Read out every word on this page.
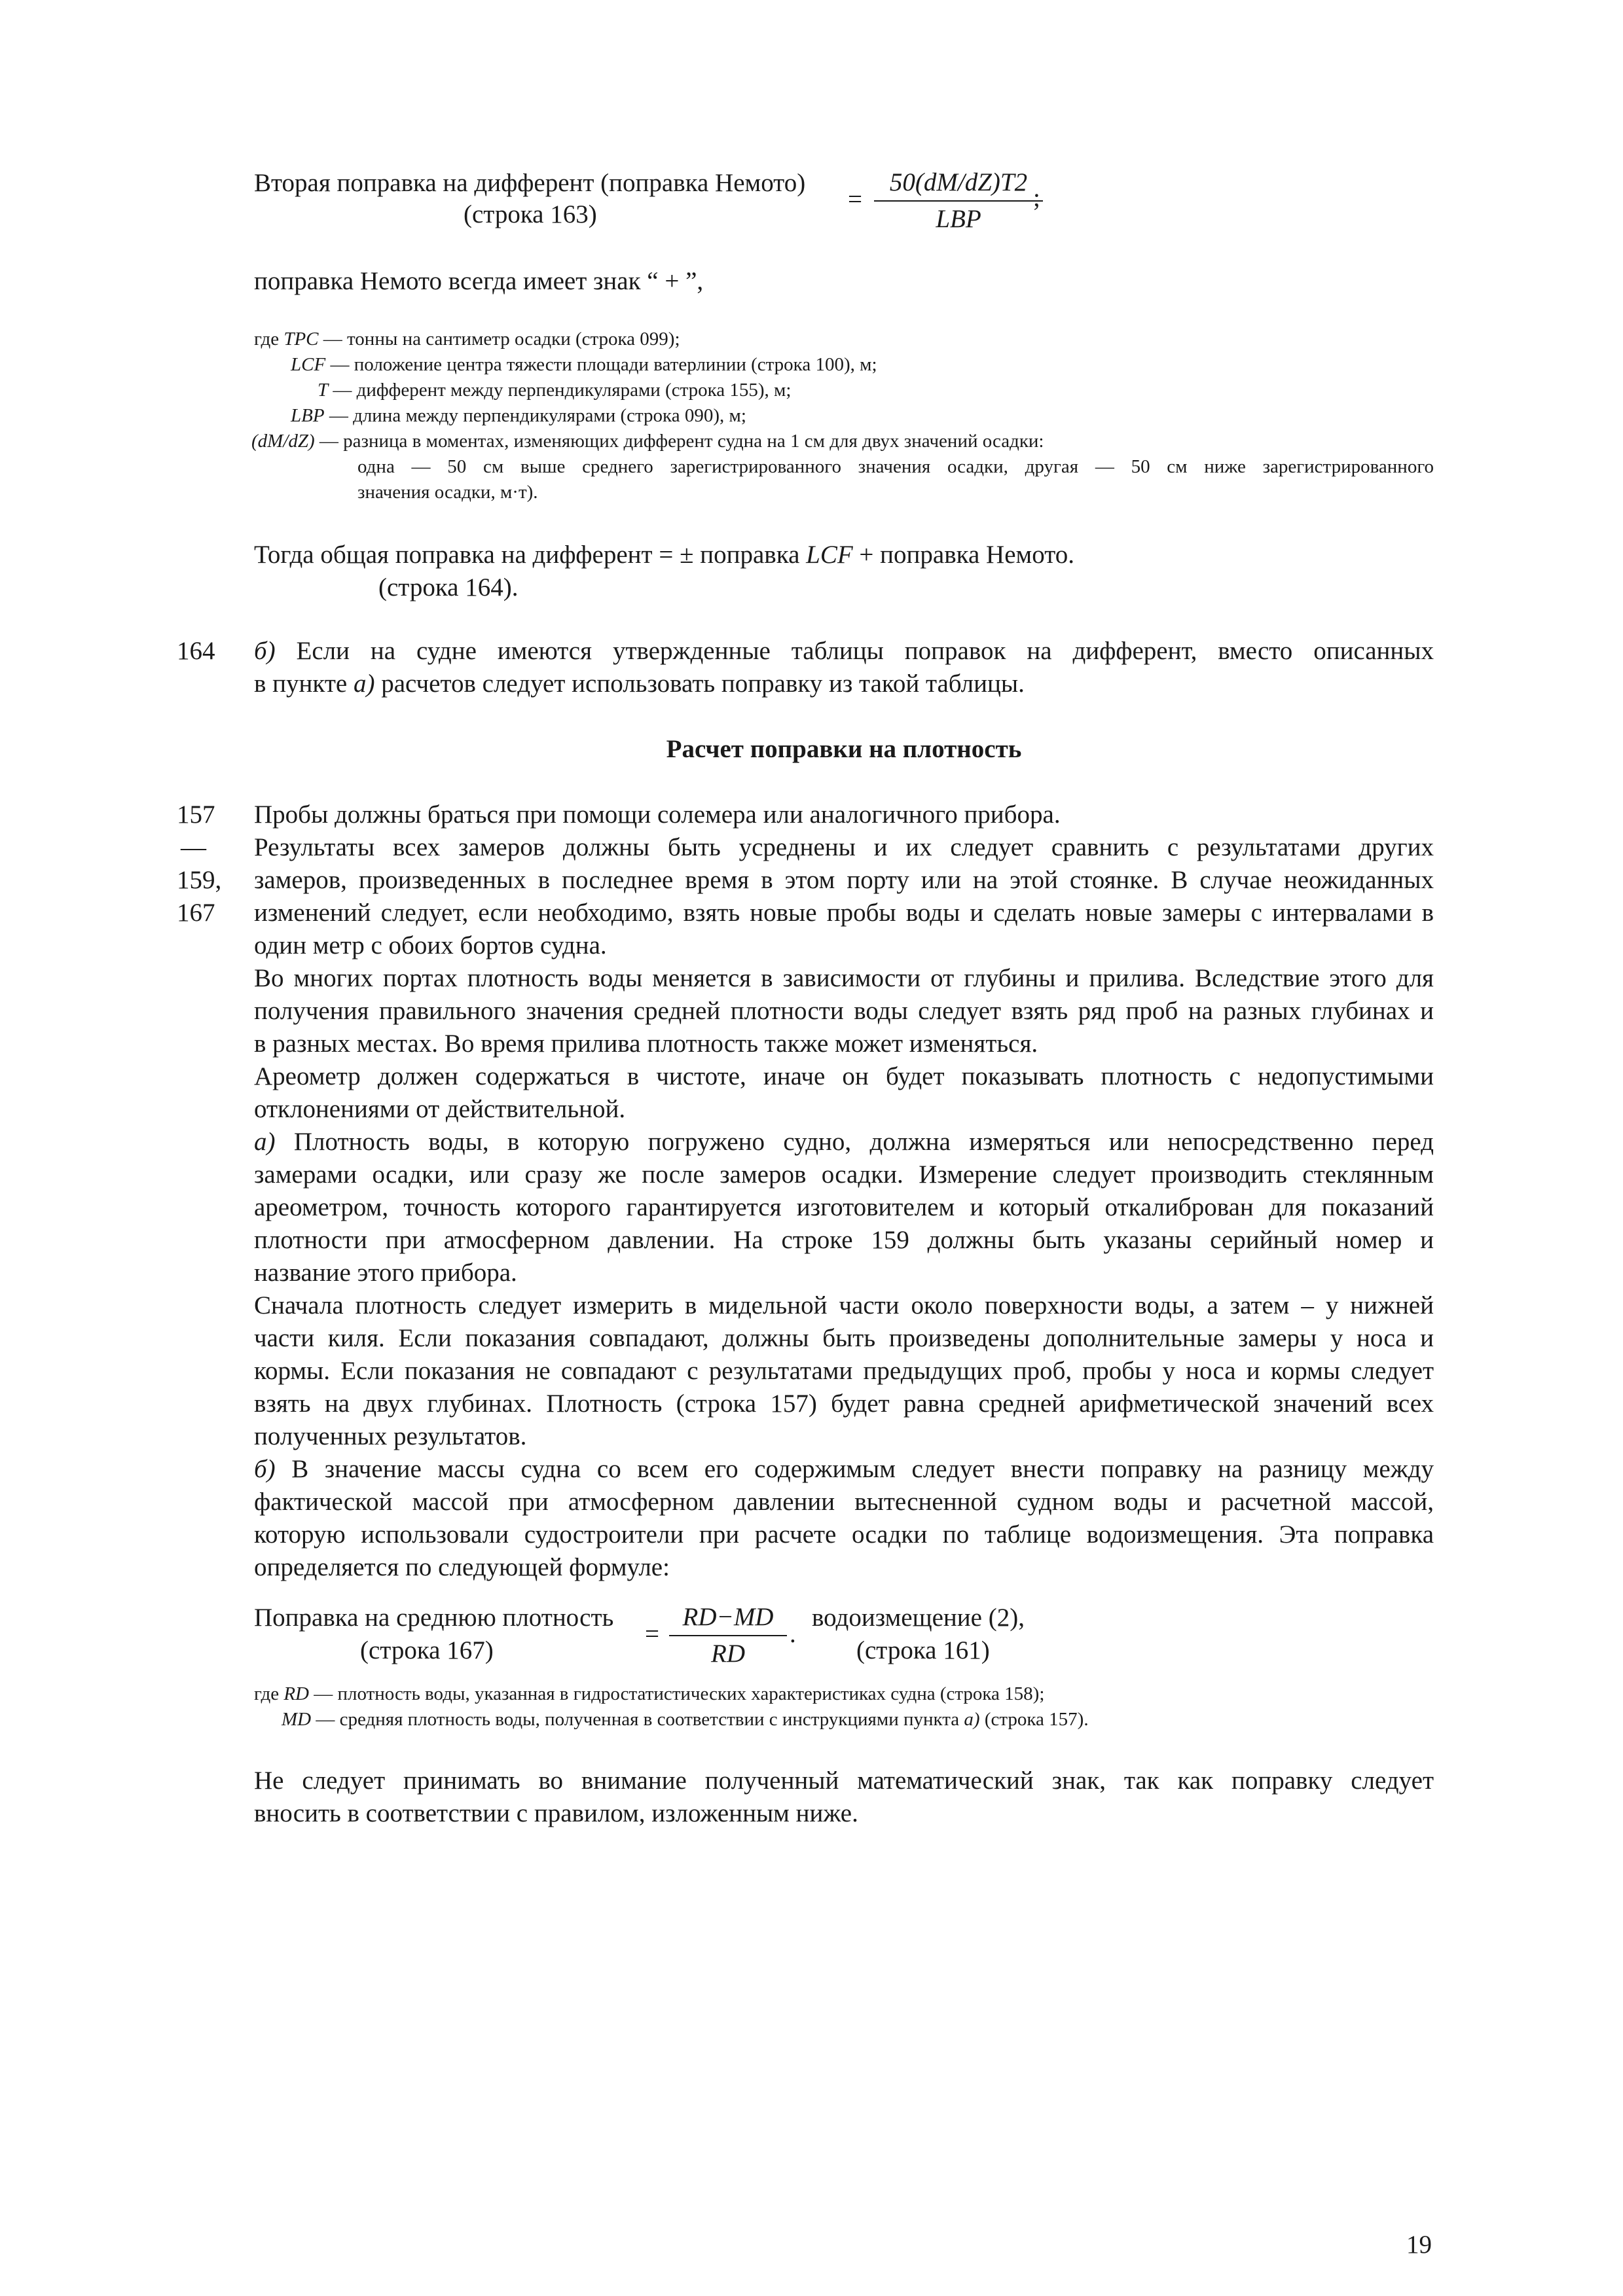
Вторая поправка на дифферент (поправка Немото)
(строка 163)
=
50(dM/dZ)T2
LBP
;
поправка Немото всегда имеет знак “ + ”,
где TPC — тонны на сантиметр осадки (строка 099);
LCF — положение центра тяжести площади ватерлинии (строка 100), м;
T — дифферент между перпендикулярами (строка 155), м;
LBP — длина между перпендикулярами (строка 090), м;
(dM/dZ) — разница в моментах, изменяющих дифферент судна на 1 см для двух значений осадки:
одна — 50 см выше среднего зарегистрированного значения осадки, другая — 50 см ниже зарегистрированного
значения осадки, м·т).
Тогда общая поправка на дифферент = ± поправка LCF + поправка Немото.
(строка 164).
164 б) Если на судне имеются утвержденные таблицы поправок на дифферент, вместо описанных
в пункте а) расчетов следует использовать поправку из такой таблицы.
Расчет поправки на плотность
157
—
159,
167
Пробы должны браться при помощи солемера или аналогичного прибора.
Результаты всех замеров должны быть усреднены и их следует сравнить с результатами других
замеров, произведенных в последнее время в этом порту или на этой стоянке. В случае неожиданных
изменений следует, если необходимо, взять новые пробы воды и сделать новые замеры с интервалами в
один метр с обоих бортов судна.
Во многих портах плотность воды меняется в зависимости от глубины и прилива. Вследствие этого для
получения правильного значения средней плотности воды следует взять ряд проб на разных глубинах и
в разных местах. Во время прилива плотность также может изменяться.
Ареометр должен содержаться в чистоте, иначе он будет показывать плотность с недопустимыми
отклонениями от действительной.
а) Плотность воды, в которую погружено судно, должна измеряться или непосредственно перед
замерами осадки, или сразу же после замеров осадки. Измерение следует производить стеклянным
ареометром, точность которого гарантируется изготовителем и который откалиброван для показаний
плотности при атмосферном давлении. На строке 159 должны быть указаны серийный номер и
название этого прибора.
Сначала плотность следует измерить в мидельной части около поверхности воды, а затем – у нижней
части киля. Если показания совпадают, должны быть произведены дополнительные замеры у носа и
кормы. Если показания не совпадают с результатами предыдущих проб, пробы у носа и кормы следует
взять на двух глубинах. Плотность (строка 157) будет равна средней арифметической значений всех
полученных результатов.
б) В значение массы судна со всем его содержимым следует внести поправку на разницу между
фактической массой при атмосферном давлении вытесненной судном воды и расчетной массой,
которую использовали судостроители при расчете осадки по таблице водоизмещения. Эта поправка
определяется по следующей формуле:
Поправка на среднюю плотность
(строка 167)
= $\frac{RD-MD}{RD}$ .
водоизмещение (2),
(строка 161)
где RD — плотность воды, указанная в гидростатистических характеристиках судна (строка 158);
MD — средняя плотность воды, полученная в соответствии с инструкциями пункта а) (строка 157).
Не следует принимать во внимание полученный математический знак, так как поправку следует
вносить в соответствии с правилом, изложенным ниже.
19
